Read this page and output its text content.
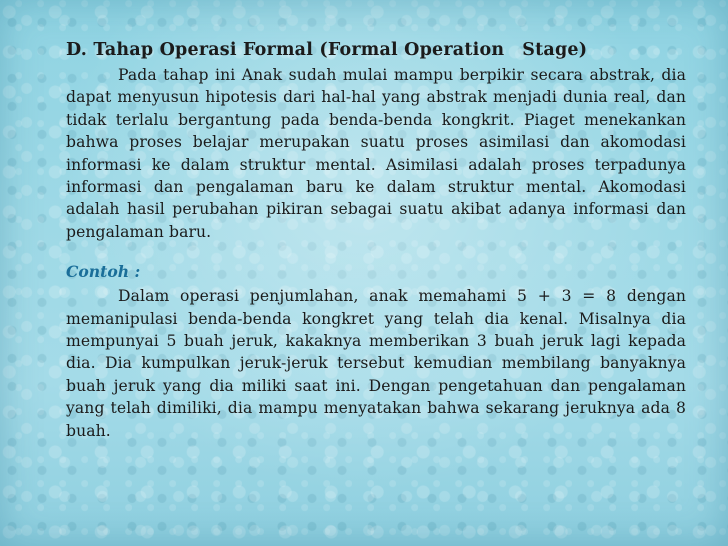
D. Tahap Operasi Formal (Formal Operation Stage)

Pada tahap ini Anak sudah mulai mampu berpikir secara abstrak, dia dapat menyusun hipotesis dari hal-hal yang abstrak menjadi dunia real, dan tidak terlalu bergantung pada benda-benda kongkrit. Piaget menekankan bahwa proses belajar merupakan suatu proses asimilasi dan akomodasi informasi ke dalam struktur mental. Asimilasi adalah proses terpadunya informasi dan pengalaman baru ke dalam struktur mental. Akomodasi adalah hasil perubahan pikiran sebagai suatu akibat adanya informasi dan pengalaman baru.

Contoh :

Dalam operasi penjumlahan, anak memahami 5 + 3 = 8 dengan memanipulasi benda-benda kongkret yang telah dia kenal. Misalnya dia mempunyai 5 buah jeruk, kakaknya memberikan 3 buah jeruk lagi kepada dia. Dia kumpulkan jeruk-jeruk tersebut kemudian membilang banyaknya buah jeruk yang dia miliki saat ini. Dengan pengetahuan dan pengalaman yang telah dimiliki, dia mampu menyatakan bahwa sekarang jeruknya ada 8 buah.
